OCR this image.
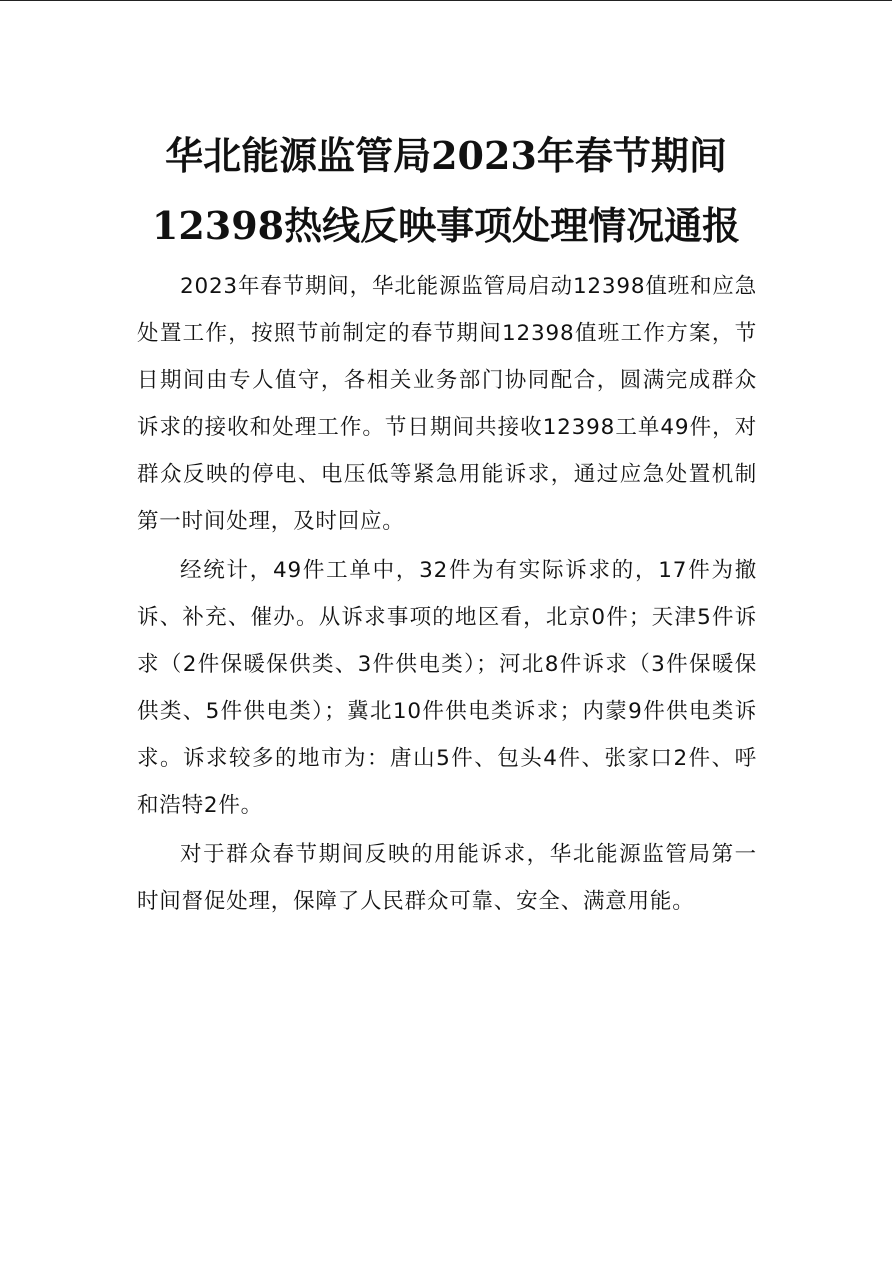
华北能源监管局2023年春节期间
12398热线反映事项处理情况通报

2023年春节期间，华北能源监管局启动12398值班和应急处置工作，按照节前制定的春节期间12398值班工作方案，节日期间由专人值守，各相关业务部门协同配合，圆满完成群众诉求的接收和处理工作。节日期间共接收12398工单49件，对群众反映的停电、电压低等紧急用能诉求，通过应急处置机制第一时间处理，及时回应。

经统计，49件工单中，32件为有实际诉求的，17件为撤诉、补充、催办。从诉求事项的地区看，北京0件；天津5件诉求（2件保暖保供类、3件供电类）；河北8件诉求（3件保暖保供类、5件供电类）；冀北10件供电类诉求；内蒙9件供电类诉求。诉求较多的地市为：唐山5件、包头4件、张家口2件、呼和浩特2件。

对于群众春节期间反映的用能诉求，华北能源监管局第一时间督促处理，保障了人民群众可靠、安全、满意用能。
